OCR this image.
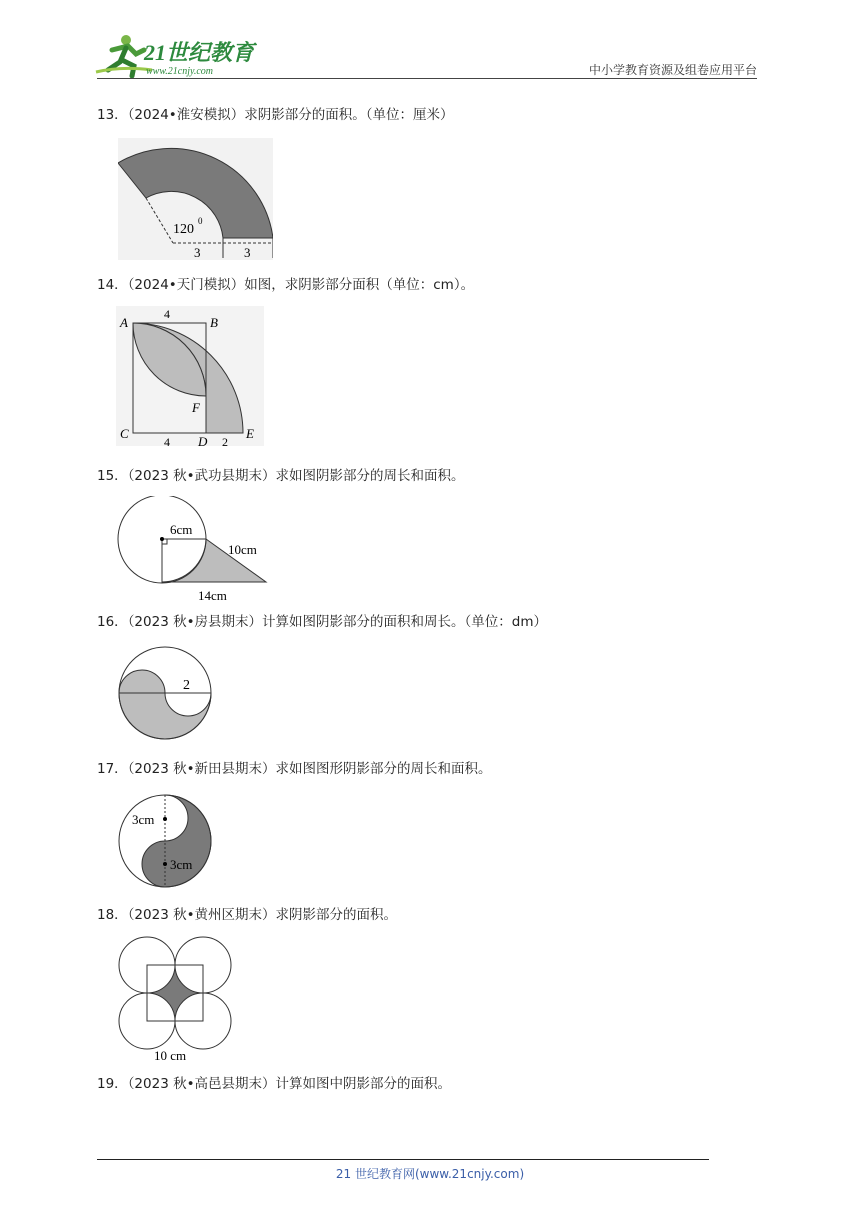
21世纪教育
www.21cnjy.com	中小学教育资源及组卷应用平台
13．（2024•淮安模拟）求阴影部分的面积。（单位：厘米）
120
0
3	3
14．（2024•天门模拟）如图，求阴影部分面积（单位：cm）。
A	B
C
D
E
F
4
4	2
15．（2023 秋•武功县期末）求如图阴影部分的周长和面积。
6cm
10cm
14cm
16．（2023 秋•房县期末）计算如图阴影部分的面积和周长。（单位：dm）
2
17．（2023 秋•新田县期末）求如图图形阴影部分的周长和面积。
3cm
3cm
18．（2023 秋•黄州区期末）求阴影部分的面积。
10 cm
19．（2023 秋•高邑县期末）计算如图中阴影部分的面积。
21 世纪教育网(www.21cnjy.com)
